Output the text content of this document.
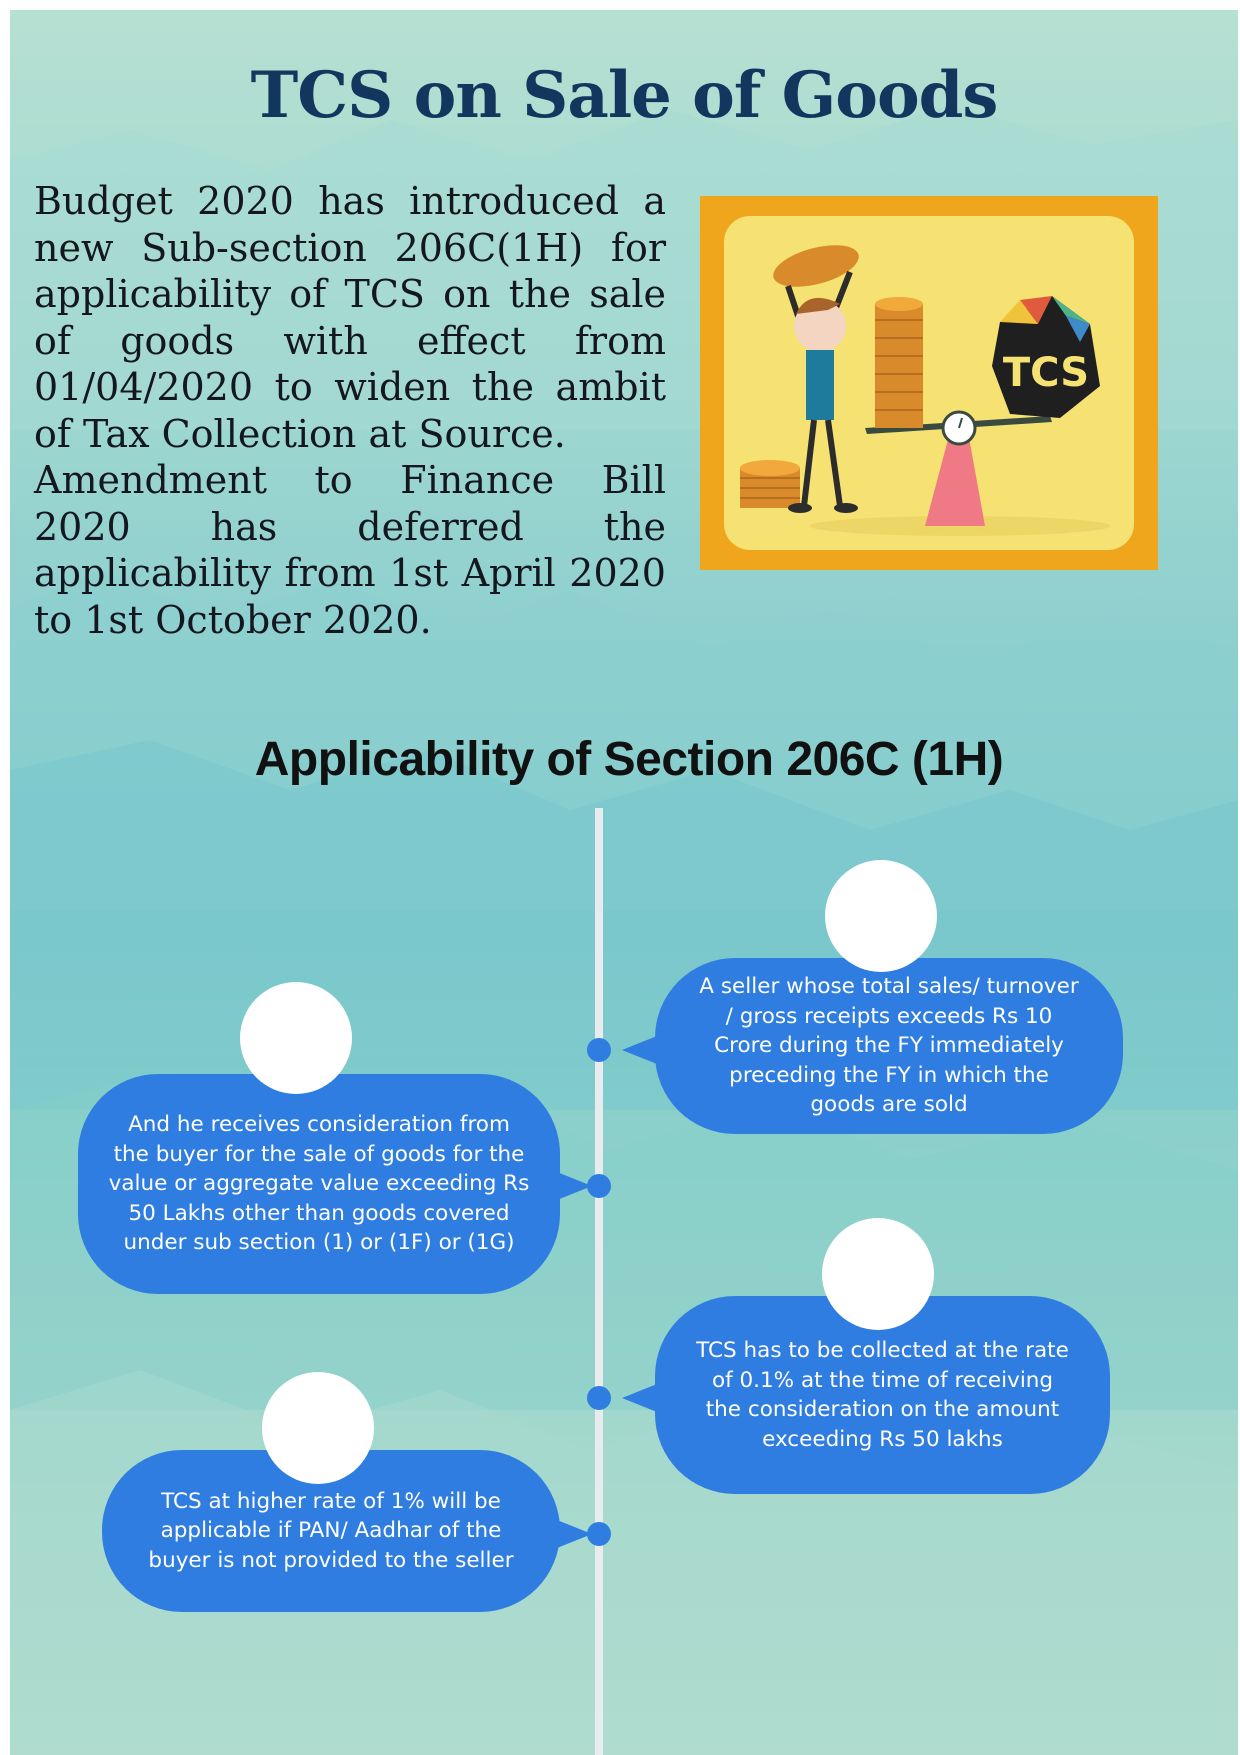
TCS on Sale of Goods

Budget 2020 has introduced a new Sub-section 206C(1H) for applicability of TCS on the sale of goods with effect from 01/04/2020 to widen the ambit of Tax Collection at Source.

Amendment to Finance Bill 2020 has deferred the applicability from 1st April 2020 to 1st October 2020.

TCS
Applicability of Section 206C (1H)
A seller whose total sales/ turnover / gross receipts exceeds Rs 10 Crore during the FY immediately preceding the FY in which the goods are sold
And he receives consideration from the buyer for the sale of goods for the value or aggregate value exceeding Rs 50 Lakhs other than goods covered under sub section (1) or (1F) or (1G)
TCS has to be collected at the rate of 0.1% at the time of receiving the consideration on the amount exceeding Rs 50 lakhs
TCS at higher rate of 1% will be applicable if PAN/ Aadhar of the buyer is not provided to the seller
